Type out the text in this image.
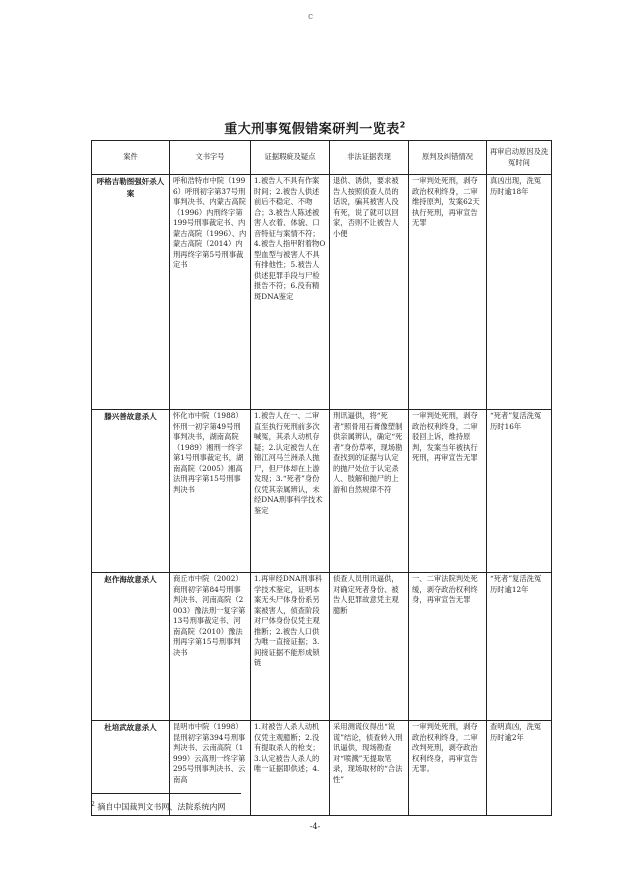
c
重大刑事冤假错案研判一览表$^2$
案件	文书字号	证据瑕疵及疑点	非法证据表现	原判及纠错情况	再审启动原因及洗冤时间
呼格吉勒图强奸杀人案	呼和浩特市中院（1996）呼刑初字第37号刑事判决书、内蒙古高院（1996）内刑终字第199号刑事裁定书、内蒙古高院（1996）、内蒙古高院（2014）内刑再终字第5号刑事裁定书	1.被告人不具有作案时间；2.被告人供述前后不稳定、不吻合；3.被告人陈述被害人衣着、体貌、口音特征与案情不符；4.被告人指甲附着物O型血型与被害人不具有排他性；5.被告人供述犯罪手段与尸检报告不符；6.没有精斑DNA鉴定	退供、诱供，要求被告人按照侦查人员的话说，骗其被害人没有死，说了就可以回家，否则不让被告人小便	一审判处死刑，剥夺政治权利终身，二审维持原判，发案62天执行死刑，再审宣告无罪	真凶出现，洗冤历时逾18年
滕兴善故意杀人	怀化市中院（1988）怀刑一初字第49号刑事判决书，湖南高院（1989）湘刑一终字第1号刑事裁定书，湖南高院（2005）湘高法刑再字第15号刑事判决书	1.被告人在一、二审直至执行死刑前多次喊冤，其杀人动机存疑；2.认定被告人在锦江河马兰洲杀人抛尸，但尸体却在上游发现；3.“死者”身份仅凭其亲属辨认，未经DNA刑事科学技术鉴定	刑讯逼供，将“死者”照骨用石膏像塑制供亲属辨认，确定“死者”身份草率，现场勘查找到的证据与认定的抛尸处位于认定杀人、肢解和抛尸的上游和自然规律不符	一审判处死刑，剥夺政治权利终身，二审驳回上诉，维持原判，发案当年被执行死刑，再审宣告无罪	“死者”复活洗冤历时16年
赵作海故意杀人	商丘市中院（2002）商刑初字第84号刑事判决书、河南高院（2003）豫法刑一复字第13号刑事裁定书、河南高院（2010）豫法刑再字第15号刑事判决书	1.再审经DNA刑事科学技术鉴定，证明本案无头尸体身份系另案被害人，侦查阶段对尸体身份仅凭主观推断；2.被告人口供为唯一直接证据；3.间接证据不能形成锁链	侦查人员刑讯逼供，对确定死者身份、被告人犯罪故意凭主观臆断	一、二审法院判处死缓，剥夺政治权利终身，再审宣告无罪	“死者”复活洗冤历时逾12年
杜培武故意杀人	昆明市中院（1998）昆刑初字第394号刑事判决书、云南高院（1999）云高刑一终字第295号刑事判决书、云南高	1.对被告人杀人动机仅凭主观臆断；2.没有提取杀人的枪支；3.认定被告人杀人的唯一证据即供述；4.	采用测谎仪得出“说谎”结论，侦查转入刑讯逼供，现场勘查对“喷溅”无提取笔录，现场取材的“合法性”	一审判处死刑，剥夺政治权利终身，二审改判死刑，剥夺政治权利终身，再审宣告无罪。	查明真凶，洗冤历时逾2年
$^2$ 摘自中国裁判文书网、法院系统内网
-4-
